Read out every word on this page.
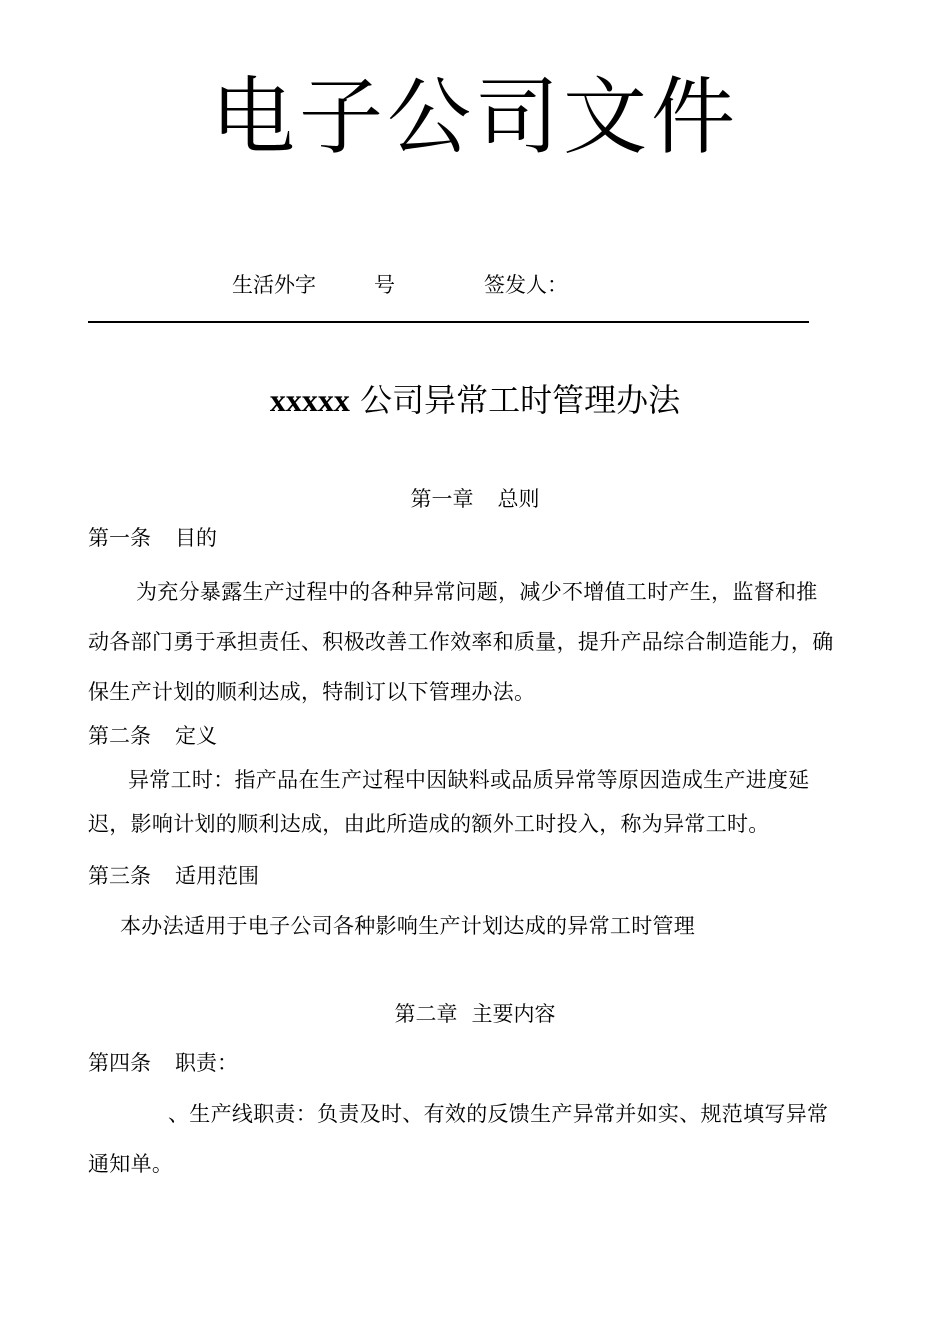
电子公司文件
生活外字	号	签发人：
xxxxx 公司异常工时管理办法
第一章 总则
第一条 目的
为充分暴露生产过程中的各种异常问题，减少不增值工时产生，监督和推
动各部门勇于承担责任、积极改善工作效率和质量，提升产品综合制造能力，确
保生产计划的顺利达成，特制订以下管理办法。
第二条 定义
异常工时：指产品在生产过程中因缺料或品质异常等原因造成生产进度延
迟，影响计划的顺利达成，由此所造成的额外工时投入，称为异常工时。
第三条 适用范围
本办法适用于电子公司各种影响生产计划达成的异常工时管理
第二章 主要内容
第四条 职责：
、生产线职责：负责及时、有效的反馈生产异常并如实、规范填写异常
通知单。
